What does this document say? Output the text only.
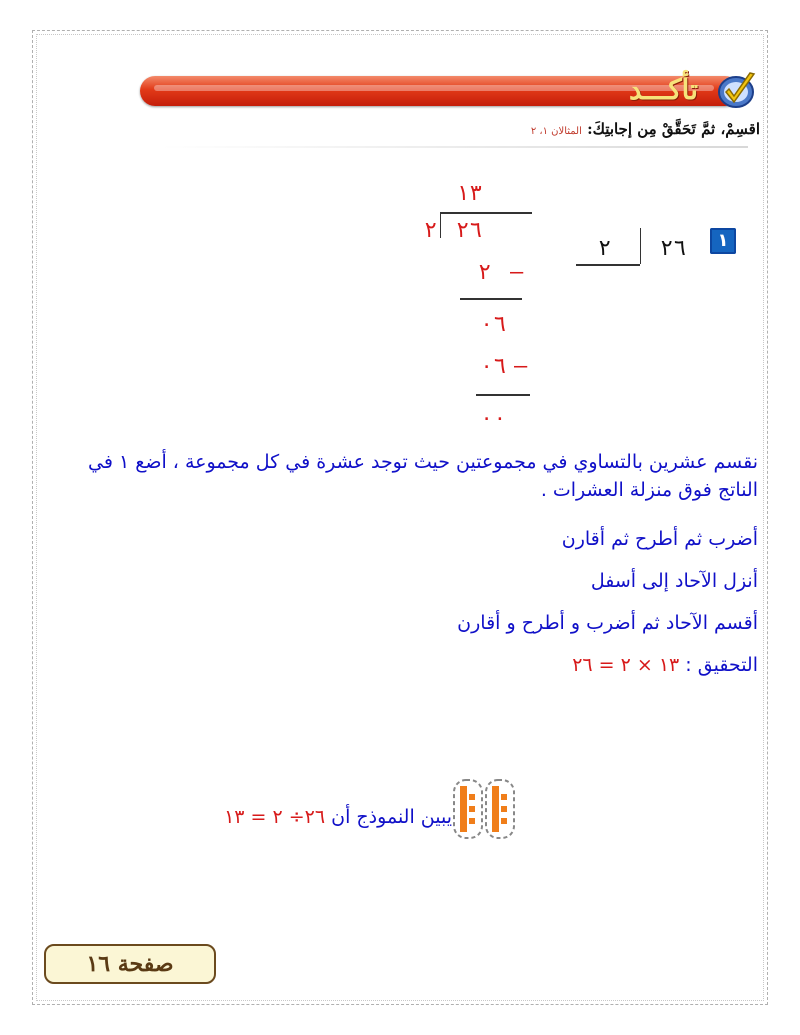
تأكـــد
اقسِمْ، ثمَّ تَحَقَّقْ مِن إجابتِكَ: المثالان ١، ٢
١٣
٢ ٢٦
٢ –
٠٦
٠٦ –
٠٠
١
٢٦
٢
نقسم عشرين بالتساوي في مجموعتين حيث توجد عشرة في كل مجموعة ، أضع ١ في الناتج فوق منزلة العشرات .
أضرب ثم أطرح ثم أقارن
أنزل الآحاد إلى أسفل
أقسم الآحاد ثم أضرب و أطرح و أقارن
التحقيق : ١٣ × ٢ = ٢٦
يبين النموذج أن ٢٦÷ ٢ = ١٣
صفحة ١٦
